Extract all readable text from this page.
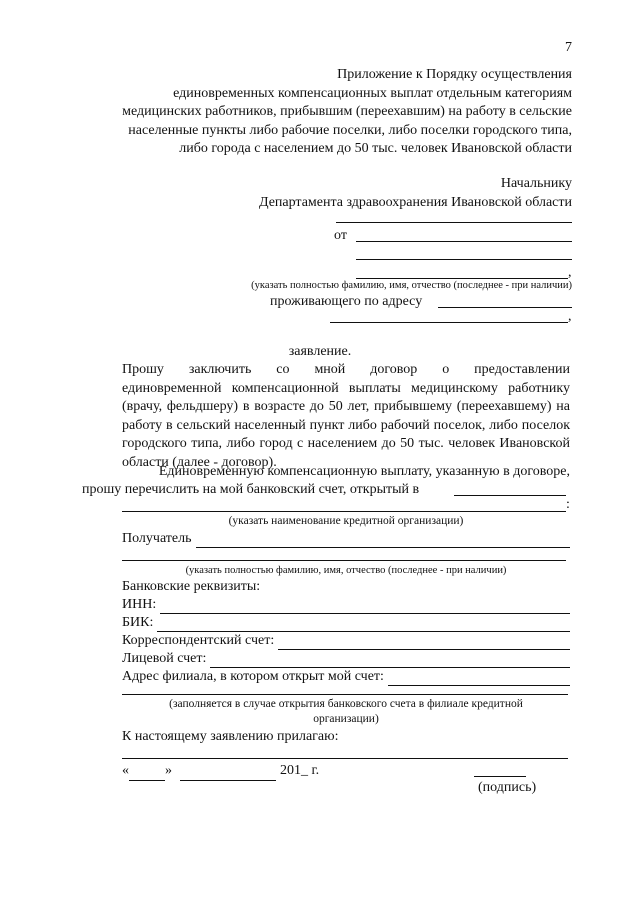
7
Приложение к Порядку осуществления
единовременных компенсационных выплат отдельным категориям
медицинских работников, прибывшим (переехавшим) на работу в сельские
населенные пункты либо рабочие поселки, либо поселки городского типа,
либо города с населением до 50 тыс. человек Ивановской области
Начальнику
Департамента здравоохранения Ивановской области
от
,
(указать полностью фамилию, имя, отчество (последнее - при наличии)
проживающего по адресу
,
заявление.
Прошу заключить со мной договор о предоставлении
единовременной компенсационной выплаты медицинскому работнику
(врачу, фельдшеру) в возрасте до 50 лет, прибывшему (переехавшему) на
работу в сельский населенный пункт либо рабочий поселок, либо поселок
городского типа, либо город с населением до 50 тыс. человек Ивановской
области (далее - договор).
Единовременную компенсационную выплату, указанную в договоре,
прошу перечислить на мой банковский счет, открытый в
:
(указать наименование кредитной организации)
Получатель
(указать полностью фамилию, имя, отчество (последнее - при наличии)
Банковские реквизиты:
ИНН:
БИК:
Корреспондентский счет:
Лицевой счет:
Адрес филиала, в котором открыт мой счет:
(заполняется в случае открытия банковского счета в филиале кредитной
организации)
К настоящему заявлению прилагаю:
«	»	201_ г.
(подпись)
